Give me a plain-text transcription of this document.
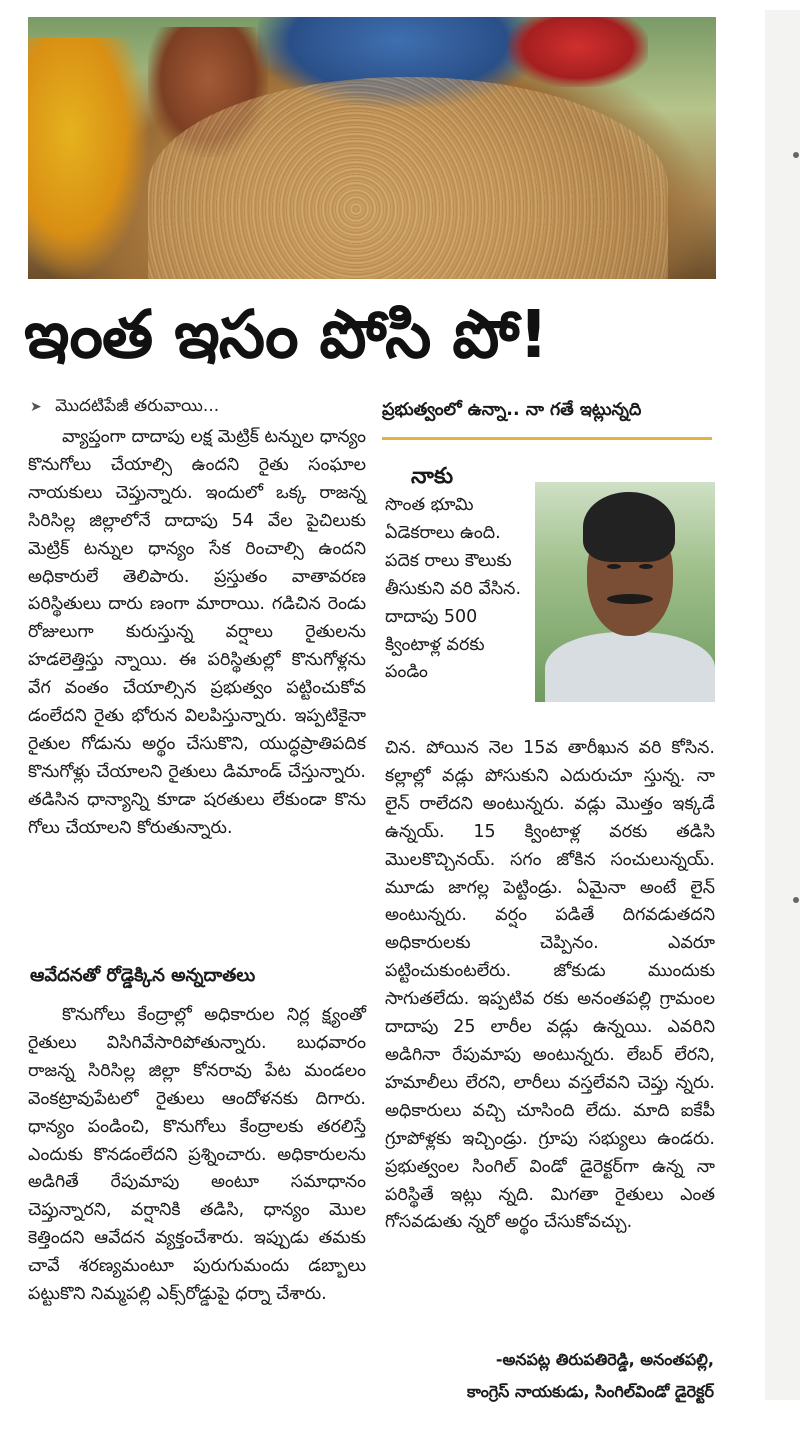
ఇంత ఇసం పోసి పో!
➤ మొదటిపేజీ తరువాయి...

వ్యాప్తంగా దాదాపు లక్ష మెట్రిక్ టన్నుల ధాన్యం కొనుగోలు చేయాల్సి ఉందని రైతు సంఘాల నాయకులు చెప్తున్నారు. ఇందులో ఒక్క రాజన్న సిరిసిల్ల జిల్లాలోనే దాదాపు 54 వేల పైచిలుకు మెట్రిక్ టన్నుల ధాన్యం సేక రించాల్సి ఉందని అధికారులే తెలిపారు. ప్రస్తుతం వాతావరణ పరిస్థితులు దారు ణంగా మారాయి. గడిచిన రెండు రోజులుగా కురుస్తున్న వర్షాలు రైతులను హడలెత్తిస్తు న్నాయి. ఈ పరిస్థితుల్లో కొనుగోళ్లను వేగ వంతం చేయాల్సిన ప్రభుత్వం పట్టించుకోవ డంలేదని రైతు భోరున విలపిస్తున్నారు. ఇప్పటికైనా రైతుల గోడును అర్థం చేసుకొని, యుద్ధప్రాతిపదిక కొనుగోళ్లు చేయాలని రైతులు డిమాండ్ చేస్తున్నారు. తడిసిన ధాన్యాన్ని కూడా షరతులు లేకుండా కొను గోలు చేయాలని కోరుతున్నారు.

ఆవేదనతో రోడ్డెక్కిన అన్నదాతలు

కొనుగోలు కేంద్రాల్లో అధికారుల నిర్ల క్ష్యంతో రైతులు విసిగివేసారిపోతున్నారు. బుధవారం రాజన్న సిరిసిల్ల జిల్లా కోనరావు పేట మండలం వెంకట్రావుపేటలో రైతులు ఆందోళనకు దిగారు. ధాన్యం పండించి, కొనుగోలు కేంద్రాలకు తరలిస్తే ఎందుకు కొనడంలేదని ప్రశ్నించారు. అధికారులను అడిగితే రేపుమాపు అంటూ సమాధానం చెప్తున్నారని, వర్షానికి తడిసి, ధాన్యం మొల కెత్తిందని ఆవేదన వ్యక్తంచేశారు. ఇప్పుడు తమకు చావే శరణ్యమంటూ పురుగుమందు డబ్బాలు పట్టుకొని నిమ్మపల్లి ఎక్స్‌రోడ్డుపై ధర్నా చేశారు.

ప్రభుత్వంలో ఉన్నా.. నా గతే ఇట్లున్నది
నాకు

సొంత భూమి ఏడెకరాలు ఉంది. పదెక రాలు కౌలుకు తీసుకుని వరి వేసిన. దాదాపు 500 క్వింటాళ్ల వరకు పండిం

చిన. పోయిన నెల 15వ తారీఖున వరి కోసిన. కల్లాల్లో వడ్లు పోసుకుని ఎదురుచూ స్తున్న. నా లైన్ రాలేదని అంటున్నరు. వడ్లు మొత్తం ఇక్కడే ఉన్నయ్. 15 క్వింటాళ్ల వరకు తడిసి మొలకొచ్చినయ్. సగం జోకిన సంచులున్నయ్. మూడు జాగల్ల పెట్టిండ్రు. ఏమైనా అంటే లైన్ అంటున్నరు. వర్షం పడితే దిగవడుతదని అధికారులకు చెప్పినం. ఎవరూ పట్టించుకుంటలేరు. జోకుడు ముందుకు సాగుతలేదు. ఇప్పటివ రకు అనంతపల్లి గ్రామంల దాదాపు 25 లారీల వడ్లు ఉన్నయి. ఎవరిని అడిగినా రేపుమాపు అంటున్నరు. లేబర్ లేరని, హమాలీలు లేరని, లారీలు వస్తలేవని చెప్తు న్నరు. అధికారులు వచ్చి చూసింది లేదు. మాది ఐకేపీ గ్రూపోళ్లకు ఇచ్చిండ్రు. గ్రూపు సభ్యులు ఉండరు. ప్రభుత్వంల సింగిల్ విండో డైరెక్టర్‌గా ఉన్న నా పరిస్థితే ఇట్లు న్నది. మిగతా రైతులు ఎంత గోసవడుతు న్నరో అర్థం చేసుకోవచ్చు.

-అనపట్ల తిరుపతిరెడ్డి, అనంతపల్లి,
కాంగ్రెస్ నాయకుడు, సింగిల్‌విండో డైరెక్టర్
